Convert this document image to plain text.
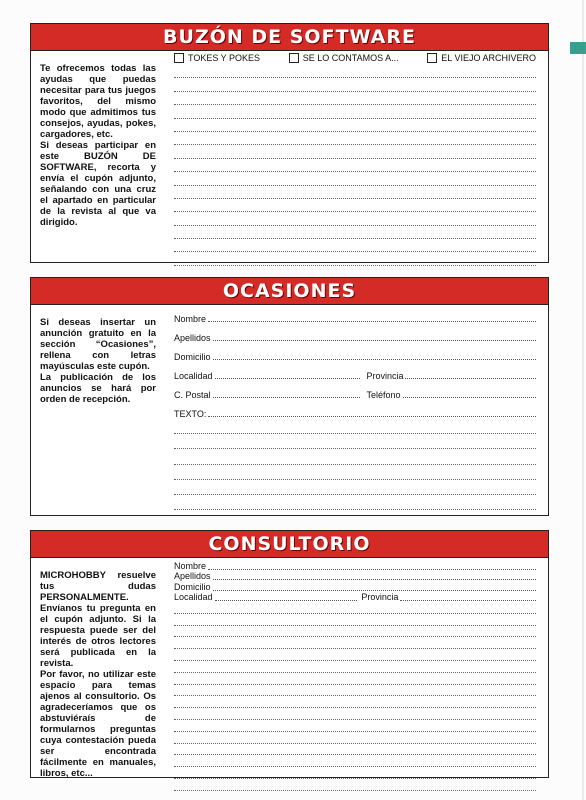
BUZÓN DE SOFTWARE

Te ofrecemos todas las ayudas que puedas necesitar para tus juegos favoritos, del mismo modo que admitimos tus consejos, ayudas, pokes, cargadores, etc.

Si deseas participar en este BUZÓN DE SOFTWARE, recorta y envía el cupón adjunto, señalando con una cruz el apartado en particular de la revista al que va dirigido.

TOKES Y POKES	SE LO CONTAMOS A...	EL VIEJO ARCHIVERO
OCASIONES

Si deseas insertar un anunción gratuito en la sección “Ocasiones”, rellena con letras mayúsculas este cupón.

La publicación de los anuncios se hará por orden de recepción.

Nombre
Apellidos
Domicilio
Localidad	Provincia
C. Postal	Teléfono
TEXTO:
CONSULTORIO

MICROHOBBY resuelve tus dudas PERSONALMENTE. Envíanos tu pregunta en el cupón adjunto. Si la respuesta puede ser del interés de otros lectores será publicada en la revista.

Por favor, no utilizar este espacio para temas ajenos al consultorio. Os agradeceríamos que os abstuviéraís de formularnos preguntas cuya contestación pueda ser encontrada fácilmente en manuales, libros, etc...

Nombre
Apellidos
Domicilio
Localidad	Provincia
